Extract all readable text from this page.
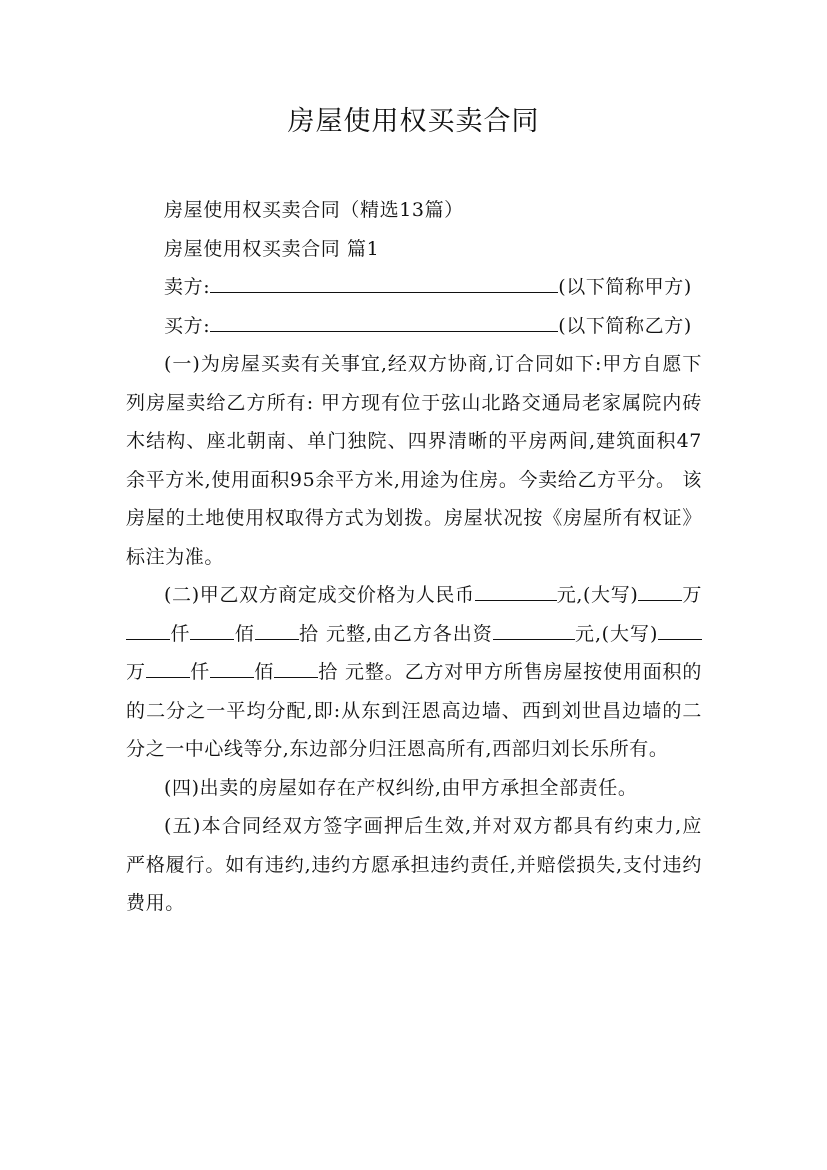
房屋使用权买卖合同

房屋使用权买卖合同（精选13篇）

房屋使用权买卖合同 篇1

卖方:	(以下简称甲方)

买方:	(以下简称乙方)

(一)为房屋买卖有关事宜,经双方协商,订合同如下:甲方自愿下列房屋卖给乙方所有: 甲方现有位于弦山北路交通局老家属院内砖木结构、座北朝南、单门独院、四界清晰的平房两间,建筑面积47余平方米,使用面积95余平方米,用途为住房。今卖给乙方平分。 该房屋的土地使用权取得方式为划拨。房屋状况按《房屋所有权证》标注为准。

(二)甲乙双方商定成交价格为人民币	元,(大写) 万仟 佰 拾 元整,由乙方各出资	元,(大写)万 仟 佰 拾 元整。乙方对甲方所售房屋按使用面积的的二分之一平均分配,即:从东到汪恩高边墙、西到刘世昌边墙的二分之一中心线等分,东边部分归汪恩高所有,西部归刘长乐所有。

(四)出卖的房屋如存在产权纠纷,由甲方承担全部责任。

(五)本合同经双方签字画押后生效,并对双方都具有约束力,应严格履行。如有违约,违约方愿承担违约责任,并赔偿损失,支付违约费用。
